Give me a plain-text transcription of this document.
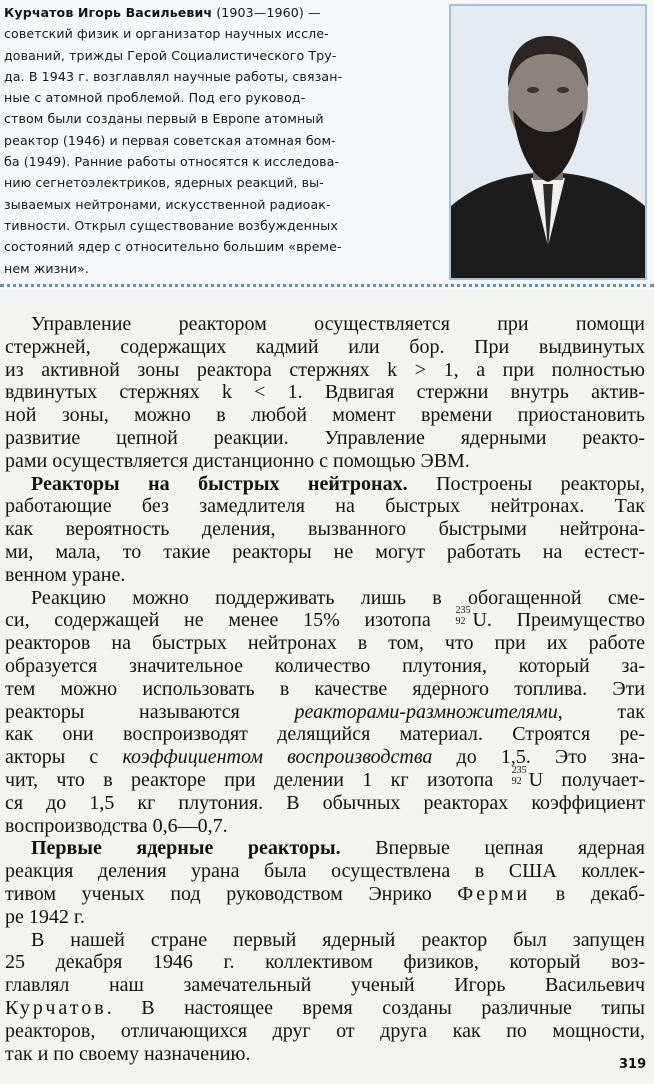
Курчатов Игорь Васильевич (1903—1960) —
советский физик и организатор научных иссле-
дований, трижды Герой Социалистического Тру-
да. В 1943 г. возглавлял научные работы, связан-
ные с атомной проблемой. Под его руковод-
ством были созданы первый в Европе атомный
реактор (1946) и первая советская атомная бом-
ба (1949). Ранние работы относятся к исследова-
нию сегнетоэлектриков, ядерных реакций, вы-
зываемых нейтронами, искусственной радиоак-
тивности. Открыл существование возбужденных
состояний ядер с относительно большим «време-
нем жизни».

Управление реактором осуществляется при помощи
стержней, содержащих кадмий или бор. При выдвинутых
из активной зоны реактора стержнях k > 1, а при полностью
вдвинутых стержнях k < 1. Вдвигая стержни внутрь актив-
ной зоны, можно в любой момент времени приостановить
развитие цепной реакции. Управление ядерными реакто-
рами осуществляется дистанционно с помощью ЭВМ.
Реакторы на быстрых нейтронах. Построены реакторы,
работающие без замедлителя на быстрых нейтронах. Так
как вероятность деления, вызванного быстрыми нейтрона-
ми, мала, то такие реакторы не могут работать на естест-
венном уране.
Реакцию можно поддерживать лишь в обогащенной сме-
си, содержащей не менее 15% изотопа 235
92 U. Преимущество
реакторов на быстрых нейтронах в том, что при их работе
образуется значительное количество плутония, который за-
тем можно использовать в качестве ядерного топлива. Эти
реакторы называются реакторами-размножителями, так
как они воспроизводят делящийся материал. Строятся ре-
акторы с коэффициентом воспроизводства до 1,5. Это зна-
чит, что в реакторе при делении 1 кг изотопа 235
92 U получает-
ся до 1,5 кг плутония. В обычных реакторах коэффициент
воспроизводства 0,6—0,7.
Первые ядерные реакторы. Впервые цепная ядерная
реакция деления урана была осуществлена в США коллек-
тивом ученых под руководством Энрико Ферми в декаб-
ре 1942 г.
В нашей стране первый ядерный реактор был запущен
25 декабря 1946 г. коллективом физиков, который воз-
главлял наш замечательный ученый Игорь Васильевич
Курчатов. В настоящее время созданы различные типы
реакторов, отличающихся друг от друга как по мощности,
так и по своему назначению.	319
